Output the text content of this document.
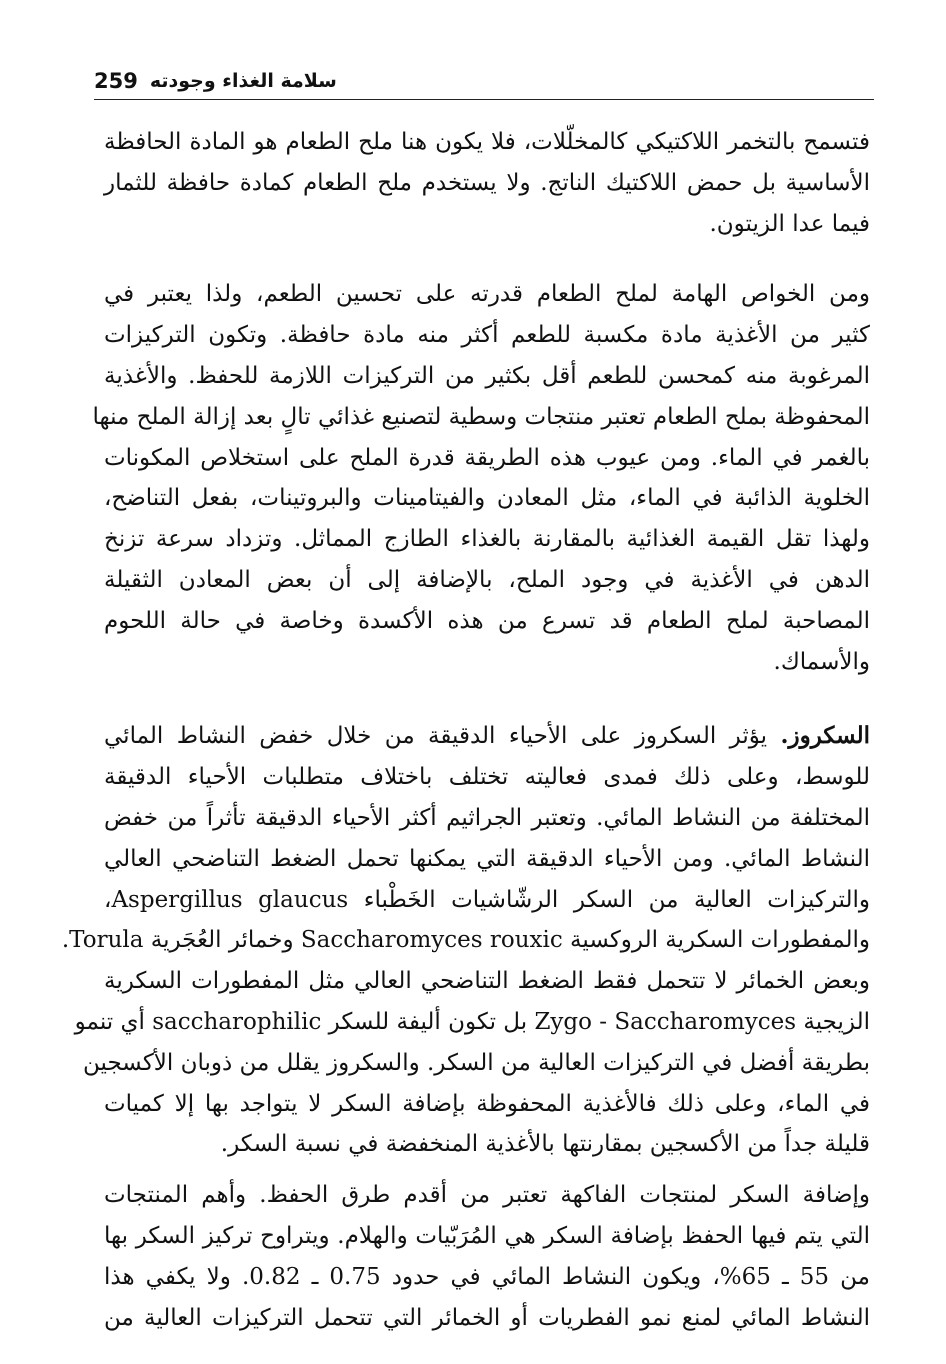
259 سلامة الغذاء وجودته
فتسمح بالتخمر اللاكتيكي كالمخلّلات، فلا يكون هنا ملح الطعام هو المادة الحافظة
الأساسية بل حمض اللاكتيك الناتج. ولا يستخدم ملح الطعام كمادة حافظة للثمار
فيما عدا الزيتون.
ومن الخواص الهامة لملح الطعام قدرته على تحسين الطعم، ولذا يعتبر في
كثير من الأغذية مادة مكسبة للطعم أكثر منه مادة حافظة. وتكون التركيزات
المرغوبة منه كمحسن للطعم أقل بكثير من التركيزات اللازمة للحفظ. والأغذية
المحفوظة بملح الطعام تعتبر منتجات وسطية لتصنيع غذائي تالٍ بعد إزالة الملح منها
بالغمر في الماء. ومن عيوب هذه الطريقة قدرة الملح على استخلاص المكونات
الخلوية الذائبة في الماء، مثل المعادن والفيتامينات والبروتينات، بفعل التناضح،
ولهذا تقل القيمة الغذائية بالمقارنة بالغذاء الطازج المماثل. وتزداد سرعة تزنخ
الدهن في الأغذية في وجود الملح، بالإضافة إلى أن بعض المعادن الثقيلة
المصاحبة لملح الطعام قد تسرع من هذه الأكسدة وخاصة في حالة اللحوم
والأسماك.
السكروز. يؤثر السكروز على الأحياء الدقيقة من خلال خفض النشاط المائي
للوسط، وعلى ذلك فمدى فعاليته تختلف باختلاف متطلبات الأحياء الدقيقة
المختلفة من النشاط المائي. وتعتبر الجراثيم أكثر الأحياء الدقيقة تأثراً من خفض
النشاط المائي. ومن الأحياء الدقيقة التي يمكنها تحمل الضغط التناضحي العالي
والتركيزات العالية من السكر الرشّاشيات الخَطْباء Aspergillus glaucus،
والمفطورات السكرية الروكسية Saccharomyces rouxic وخمائر العُجَرية Torula.
وبعض الخمائر لا تتحمل فقط الضغط التناضحي العالي مثل المفطورات السكرية
الزيجية Zygo - Saccharomyces بل تكون أليفة للسكر saccharophilic أي تنمو
بطريقة أفضل في التركيزات العالية من السكر. والسكروز يقلل من ذوبان الأكسجين
في الماء، وعلى ذلك فالأغذية المحفوظة بإضافة السكر لا يتواجد بها إلا كميات
قليلة جداً من الأكسجين بمقارنتها بالأغذية المنخفضة في نسبة السكر.
وإضافة السكر لمنتجات الفاكهة تعتبر من أقدم طرق الحفظ. وأهم المنتجات
التي يتم فيها الحفظ بإضافة السكر هي المُرَبّيات والهلام. ويتراوح تركيز السكر بها
من 55 ـ 65%، ويكون النشاط المائي في حدود 0.75 ـ 0.82. ولا يكفي هذا
النشاط المائي لمنع نمو الفطريات أو الخمائر التي تتحمل التركيزات العالية من
